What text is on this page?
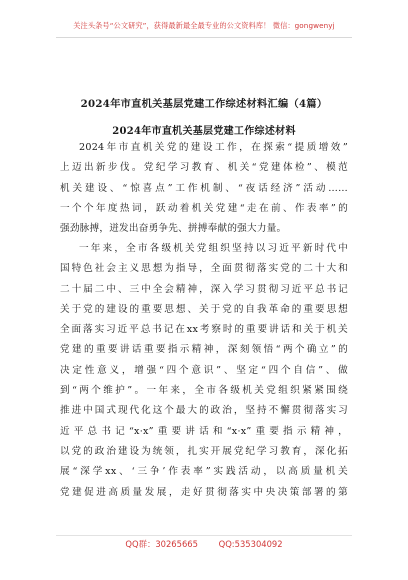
关注头条号“公文研究”，获得最新最全最专业的公文资料库！ 微信：gongwenyj
2024年市直机关基层党建工作综述材料汇编（4篇）
2024年市直机关基层党建工作综述材料
2024年市直机关党的建设工作，在探索“提质增效”
上迈出新步伐。党纪学习教育、机关“党建体检”、模范
机关建设、“惊喜点”工作机制、“夜话经济”活动……
一个个年度热词，跃动着机关党建“走在前、作表率”的
强劲脉搏，迸发出奋勇争先、拼搏奉献的强大力量。
一年来，全市各级机关党组织坚持以习近平新时代中
国特色社会主义思想为指导，全面贯彻落实党的二十大和
二十届二中、三中全会精神，深入学习贯彻习近平总书记
关于党的建设的重要思想、关于党的自我革命的重要思想
全面落实习近平总书记在xx考察时的重要讲话和关于机关
党建的重要讲话重要指示精神，深刻领悟“两个确立”的
决定性意义，增强“四个意识”、坚定“四个自信”、做
到“两个维护”。一年来，全市各级机关党组织紧紧围绕
推进中国式现代化这个最大的政治，坚持不懈贯彻落实习
近平总书记“x·x”重要讲话和“x·x”重要指示精神，
以党的政治建设为统领，扎实开展党纪学习教育，深化拓
展“深学xx、‘三争’作表率”实践活动，以高质量机关
党建促进高质量发展，走好贯彻落实中央决策部署的第
QQ群：30265665 QQ:535304092
